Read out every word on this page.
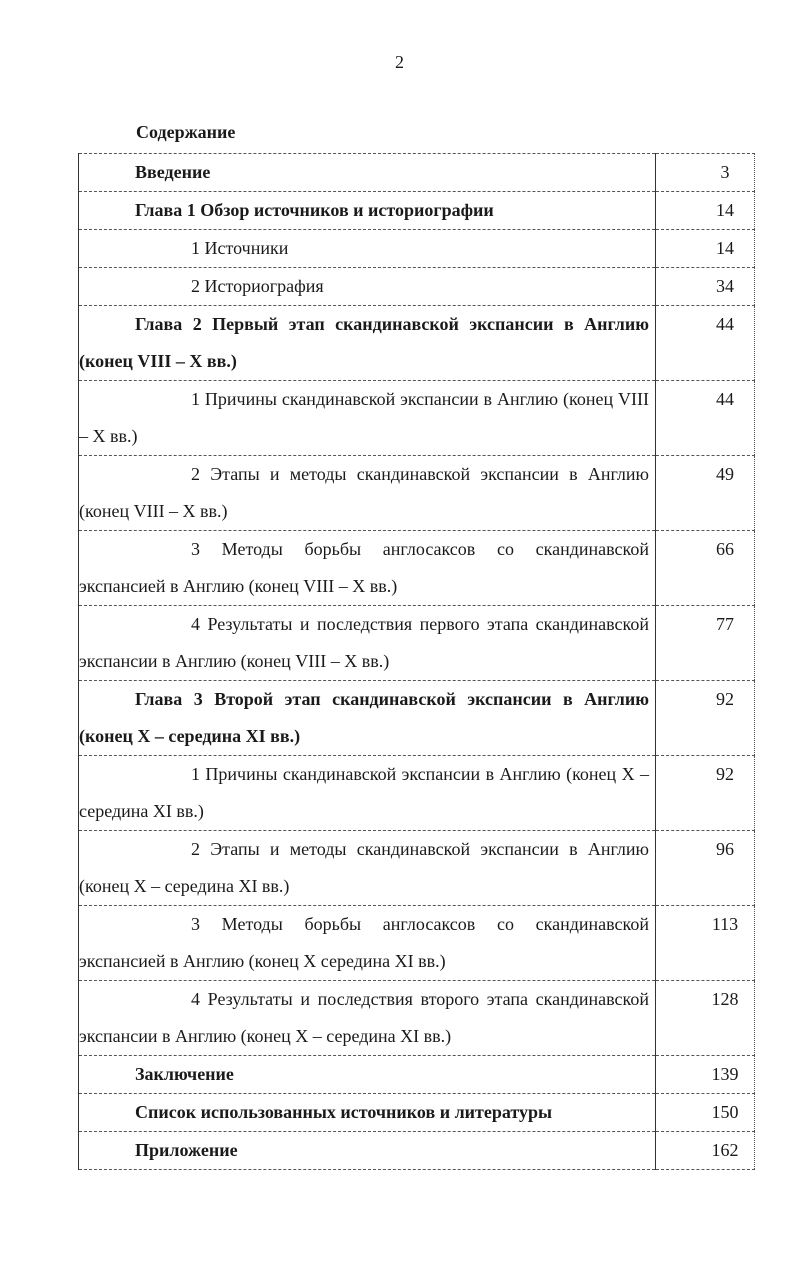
2
Содержание
Введение	3

Глава 1 Обзор источников и историографии	14

1 Источники	14

2 Историография	34

Глава 2 Первый этап скандинавской экспансии в Англию (конец VIII – X вв.)	44

1 Причины скандинавской экспансии в Англию (конец VIII – X вв.)	44

2 Этапы и методы скандинавской экспансии в Англию (конец VIII – X вв.)	49

3 Методы борьбы англосаксов со скандинавской экспансией в Англию (конец VIII – X вв.)	66

4 Результаты и последствия первого этапа скандинавской экспансии в Англию (конец VIII – X вв.)	77

Глава 3 Второй этап скандинавской экспансии в Англию (конец X – середина XI вв.)	92

1 Причины скандинавской экспансии в Англию (конец X – середина XI вв.)	92

2 Этапы и методы скандинавской экспансии в Англию (конец X – середина XI вв.)	96

3 Методы борьбы англосаксов со скандинавской экспансией в Англию (конец X середина XI вв.)	113

4 Результаты и последствия второго этапа скандинавской экспансии в Англию (конец X – середина XI вв.)	128

Заключение	139

Список использованных источников и литературы	150

Приложение	162
